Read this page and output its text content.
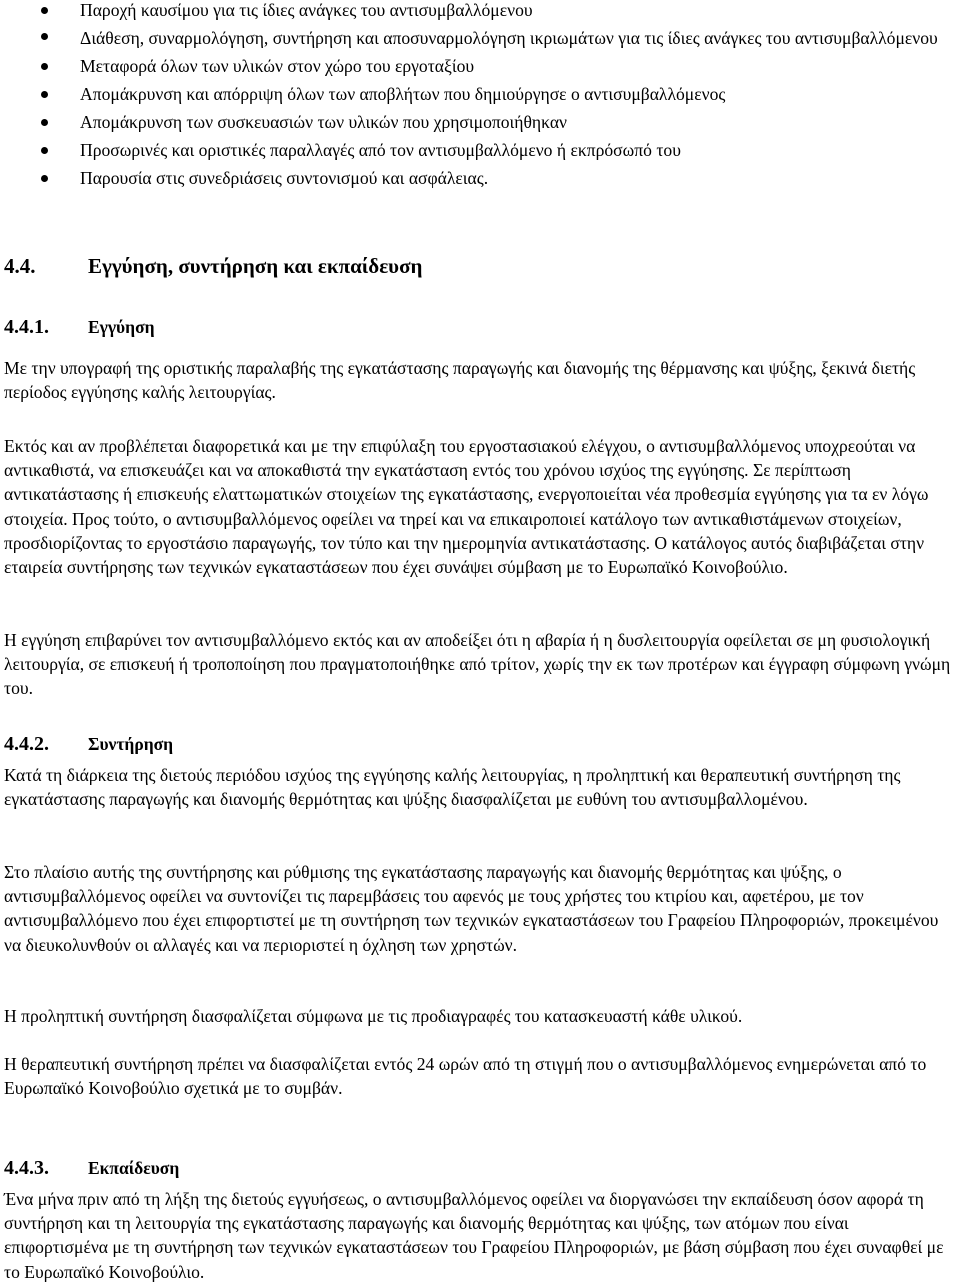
Παροχή καυσίμου για τις ίδιες ανάγκες του αντισυμβαλλόμενου
Διάθεση, συναρμολόγηση, συντήρηση και αποσυναρμολόγηση ικριωμάτων για τις ίδιες ανάγκες του αντισυμβαλλόμενου
Μεταφορά όλων των υλικών στον χώρο του εργοταξίου
Απομάκρυνση και απόρριψη όλων των αποβλήτων που δημιούργησε ο αντισυμβαλλόμενος
Απομάκρυνση των συσκευασιών των υλικών που χρησιμοποιήθηκαν
Προσωρινές και οριστικές παραλλαγές από τον αντισυμβαλλόμενο ή εκπρόσωπό του
Παρουσία στις συνεδριάσεις συντονισμού και ασφάλειας.
4.4.	Εγγύηση, συντήρηση και εκπαίδευση
4.4.1. Εγγύηση

Με την υπογραφή της οριστικής παραλαβής της εγκατάστασης παραγωγής και διανομής της θέρμανσης και ψύξης, ξεκινά διετής περίοδος εγγύησης καλής λειτουργίας.

Εκτός και αν προβλέπεται διαφορετικά και με την επιφύλαξη του εργοστασιακού ελέγχου, ο αντισυμβαλλόμενος υποχρεούται να αντικαθιστά, να επισκευάζει και να αποκαθιστά την εγκατάσταση εντός του χρόνου ισχύος της εγγύησης. Σε περίπτωση αντικατάστασης ή επισκευής ελαττωματικών στοιχείων της εγκατάστασης, ενεργοποιείται νέα προθεσμία εγγύησης για τα εν λόγω στοιχεία. Προς τούτο, ο αντισυμβαλλόμενος οφείλει να τηρεί και να επικαιροποιεί κατάλογο των αντικαθιστάμενων στοιχείων, προσδιορίζοντας το εργοστάσιο παραγωγής, τον τύπο και την ημερομηνία αντικατάστασης. Ο κατάλογος αυτός διαβιβάζεται στην εταιρεία συντήρησης των τεχνικών εγκαταστάσεων που έχει συνάψει σύμβαση με το Ευρωπαϊκό Κοινοβούλιο.

Η εγγύηση επιβαρύνει τον αντισυμβαλλόμενο εκτός και αν αποδείξει ότι η αβαρία ή η δυσλειτουργία οφείλεται σε μη φυσιολογική λειτουργία, σε επισκευή ή τροποποίηση που πραγματοποιήθηκε από τρίτον, χωρίς την εκ των προτέρων και έγγραφη σύμφωνη γνώμη του.

4.4.2. Συντήρηση

Κατά τη διάρκεια της διετούς περιόδου ισχύος της εγγύησης καλής λειτουργίας, η προληπτική και θεραπευτική συντήρηση της εγκατάστασης παραγωγής και διανομής θερμότητας και ψύξης διασφαλίζεται με ευθύνη του αντισυμβαλλομένου.

Στο πλαίσιο αυτής της συντήρησης και ρύθμισης της εγκατάστασης παραγωγής και διανομής θερμότητας και ψύξης, ο αντισυμβαλλόμενος οφείλει να συντονίζει τις παρεμβάσεις του αφενός με τους χρήστες του κτιρίου και, αφετέρου, με τον αντισυμβαλλόμενο που έχει επιφορτιστεί με τη συντήρηση των τεχνικών εγκαταστάσεων του Γραφείου Πληροφοριών, προκειμένου να διευκολυνθούν οι αλλαγές και να περιοριστεί η όχληση των χρηστών.

Η προληπτική συντήρηση διασφαλίζεται σύμφωνα με τις προδιαγραφές του κατασκευαστή κάθε υλικού.

Η θεραπευτική συντήρηση πρέπει να διασφαλίζεται εντός 24 ωρών από τη στιγμή που ο αντισυμβαλλόμενος ενημερώνεται από το Ευρωπαϊκό Κοινοβούλιο σχετικά με το συμβάν.

4.4.3. Εκπαίδευση

Ένα μήνα πριν από τη λήξη της διετούς εγγυήσεως, ο αντισυμβαλλόμενος οφείλει να διοργανώσει την εκπαίδευση όσον αφορά τη συντήρηση και τη λειτουργία της εγκατάστασης παραγωγής και διανομής θερμότητας και ψύξης, των ατόμων που είναι επιφορτισμένα με τη συντήρηση των τεχνικών εγκαταστάσεων του Γραφείου Πληροφοριών, με βάση σύμβαση που έχει συναφθεί με το Ευρωπαϊκό Κοινοβούλιο.
